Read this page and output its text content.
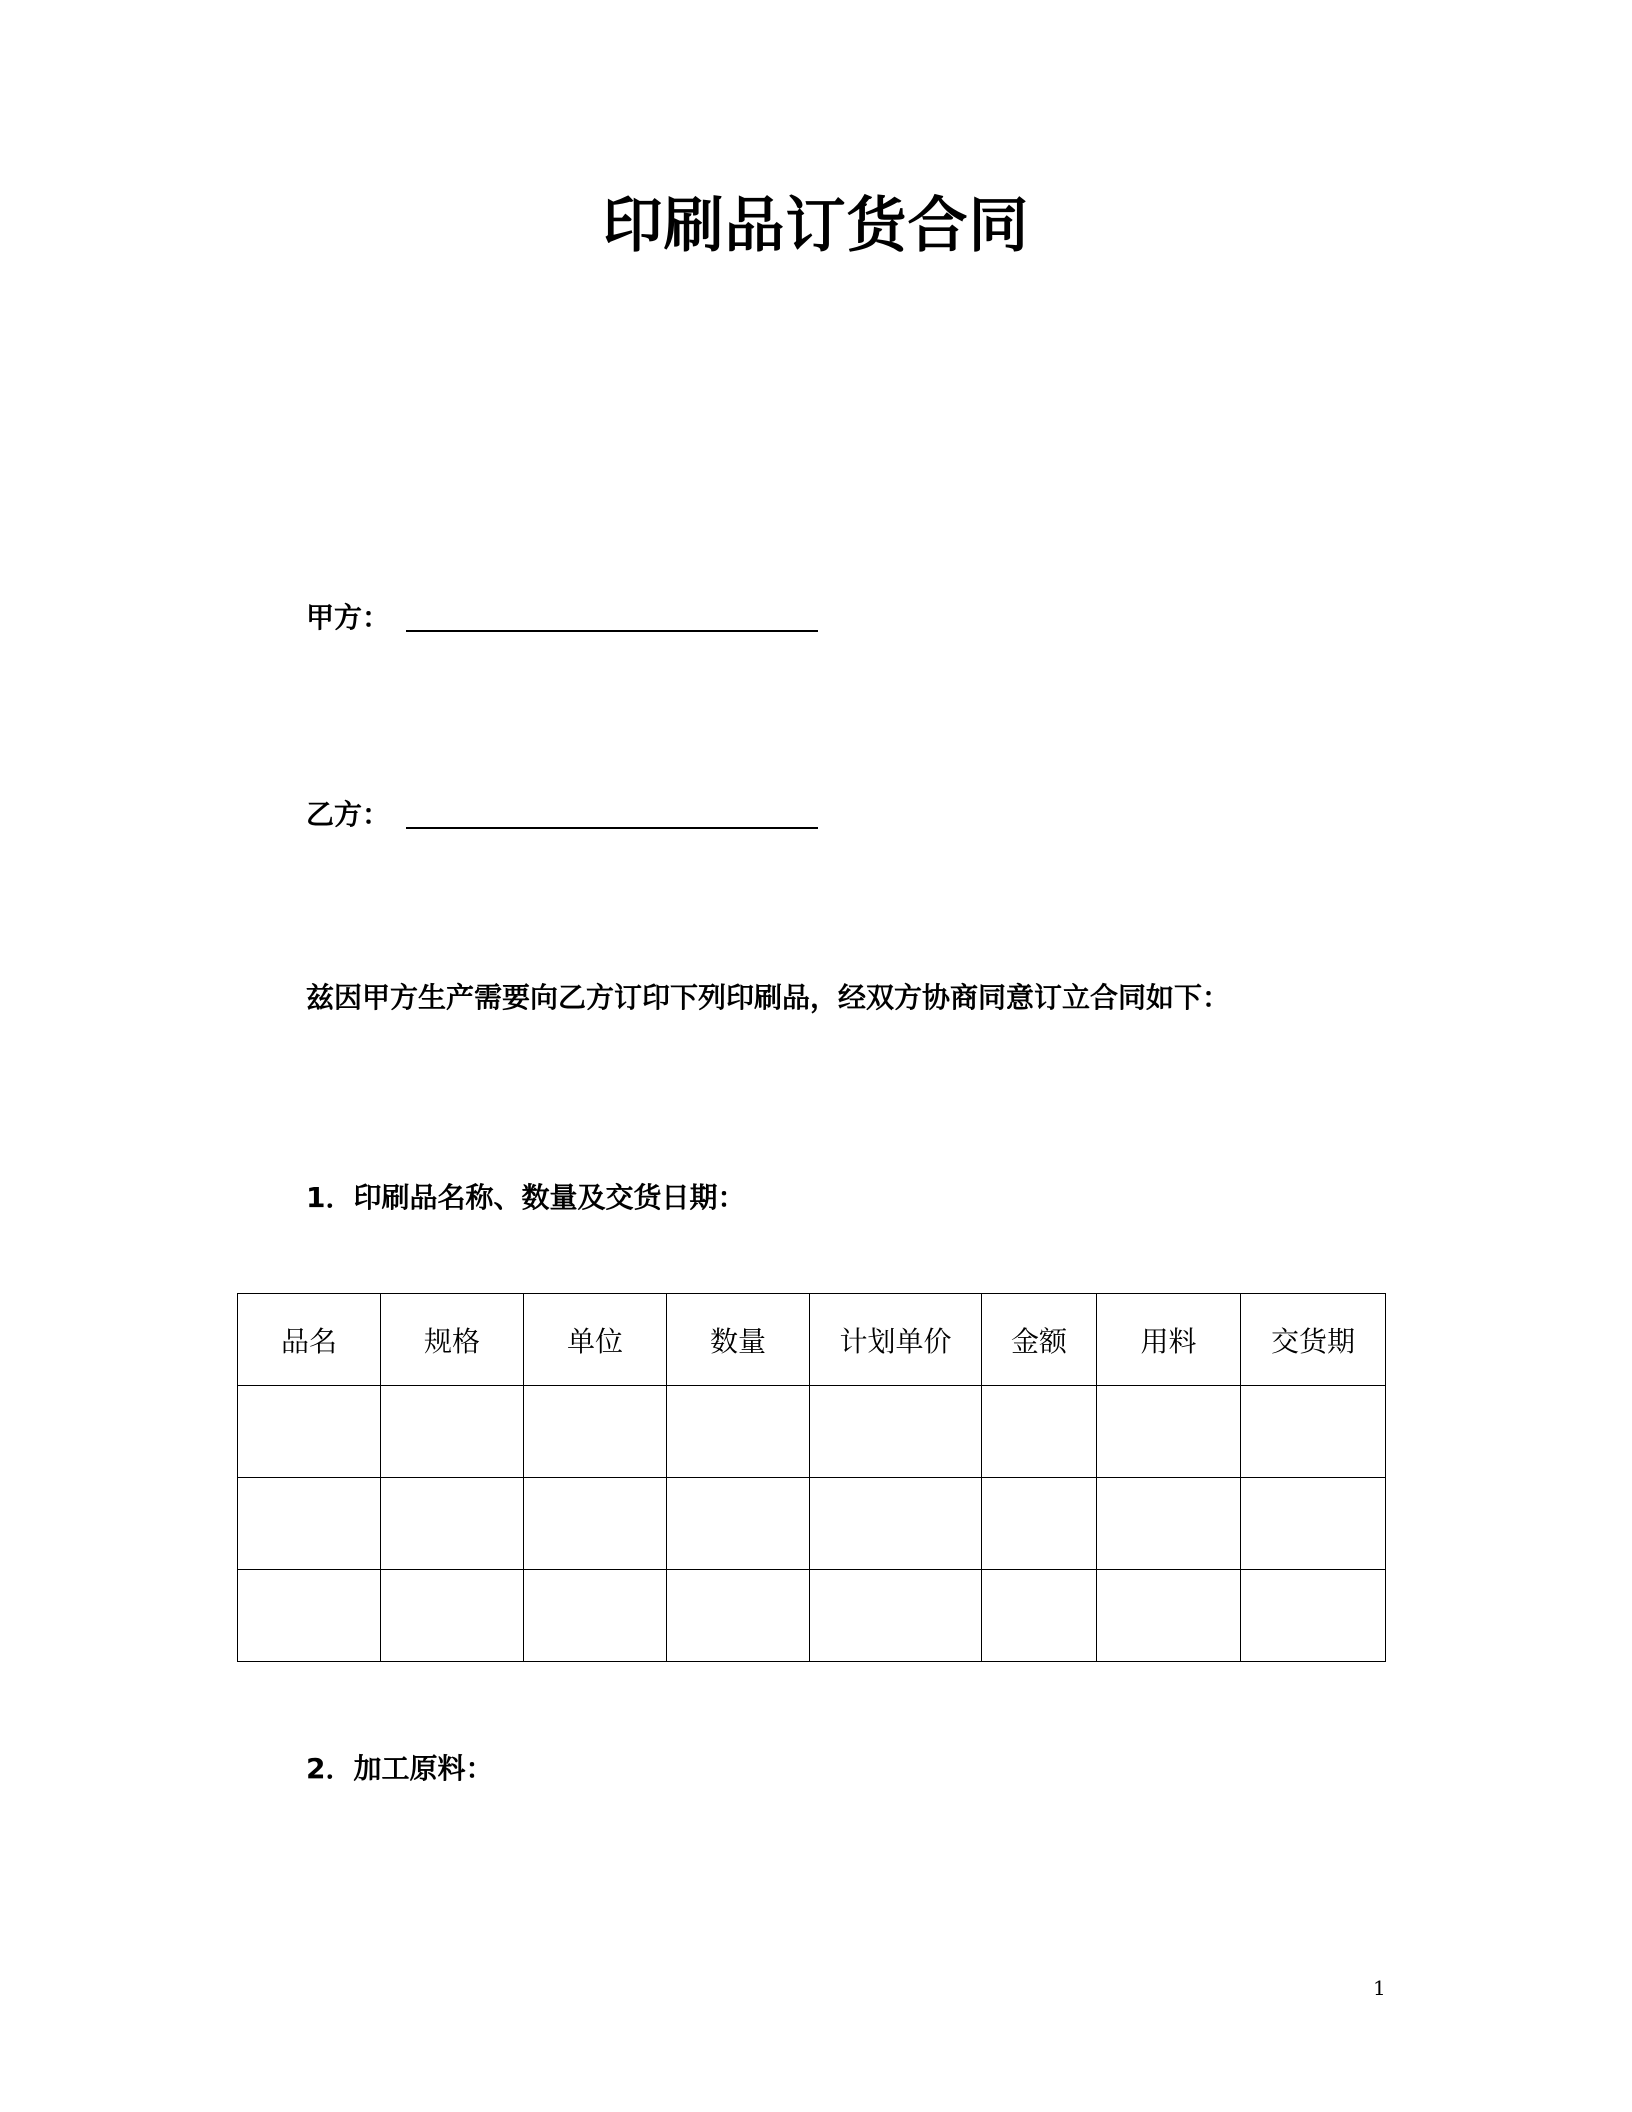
印刷品订货合同
甲方：
乙方：
兹因甲方生产需要向乙方订印下列印刷品，经双方协商同意订立合同如下：
1．印刷品名称、数量及交货日期：
品名	规格	单位	数量	计划单价	金额	用料	交货期

2．加工原料：
1
